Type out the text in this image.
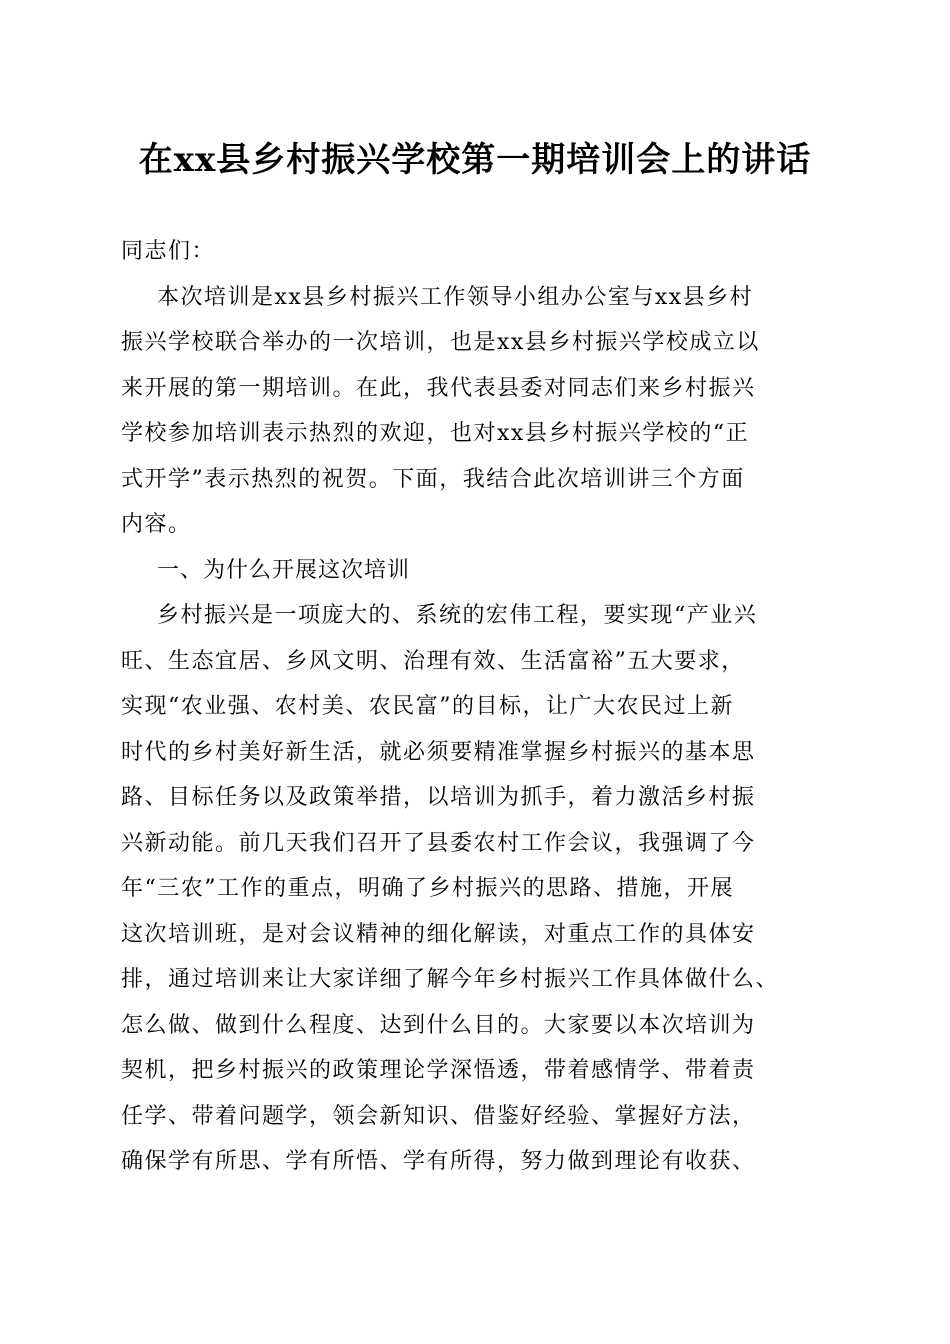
在xx县乡村振兴学校第一期培训会上的讲话
同志们：
本次培训是xx县乡村振兴工作领导小组办公室与xx县乡村
振兴学校联合举办的一次培训，也是xx县乡村振兴学校成立以
来开展的第一期培训。在此，我代表县委对同志们来乡村振兴
学校参加培训表示热烈的欢迎，也对xx县乡村振兴学校的“正
式开学”表示热烈的祝贺。下面，我结合此次培训讲三个方面
内容。
一、为什么开展这次培训
乡村振兴是一项庞大的、系统的宏伟工程，要实现“产业兴
旺、生态宜居、乡风文明、治理有效、生活富裕”五大要求，
实现“农业强、农村美、农民富”的目标，让广大农民过上新
时代的乡村美好新生活，就必须要精准掌握乡村振兴的基本思
路、目标任务以及政策举措，以培训为抓手，着力激活乡村振
兴新动能。前几天我们召开了县委农村工作会议，我强调了今
年“三农”工作的重点，明确了乡村振兴的思路、措施，开展
这次培训班，是对会议精神的细化解读，对重点工作的具体安
排，通过培训来让大家详细了解今年乡村振兴工作具体做什么、
怎么做、做到什么程度、达到什么目的。大家要以本次培训为
契机，把乡村振兴的政策理论学深悟透，带着感情学、带着责
任学、带着问题学，领会新知识、借鉴好经验、掌握好方法，
确保学有所思、学有所悟、学有所得，努力做到理论有收获、
